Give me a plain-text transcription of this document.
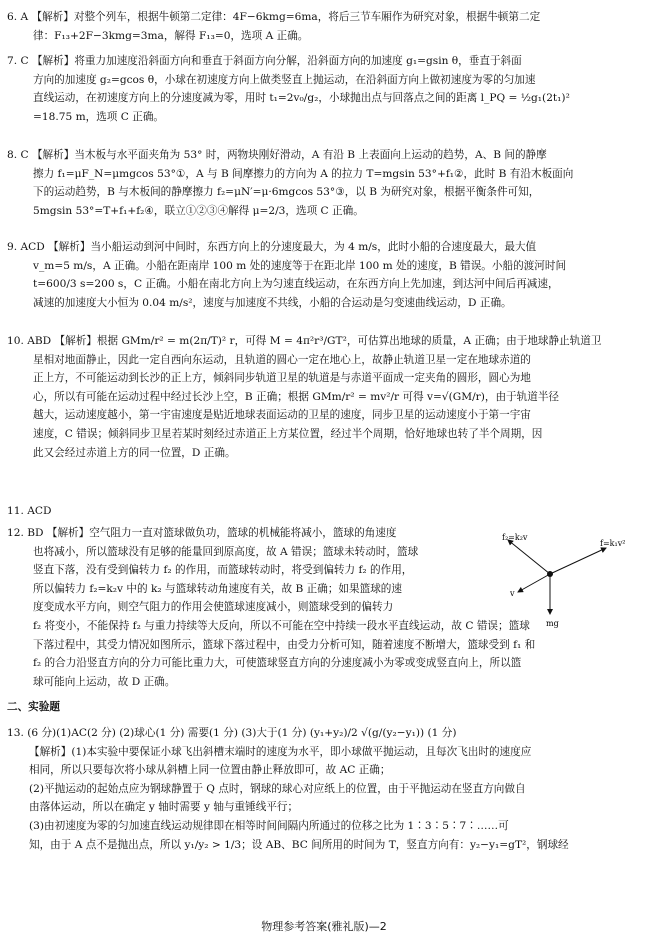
6. A 【解析】对整个列车，根据牛顿第二定律：4F−6kmg=6ma，将后三节车厢作为研究对象，根据牛顿第二定
律：F₁₃+2F−3kmg=3ma，解得 F₁₃=0，选项 A 正确。
7. C 【解析】将重力加速度沿斜面方向和垂直于斜面方向分解，沿斜面方向的加速度 g₁=gsin θ，垂直于斜面
方向的加速度 g₂=gcos θ，小球在初速度方向上做类竖直上抛运动，在沿斜面方向上做初速度为零的匀加速
直线运动，在初速度方向上的分速度减为零，用时 t₁=2v₀/g₂，小球抛出点与回落点之间的距离 l_PQ = ½g₁(2t₁)²
=18.75 m，选项 C 正确。
8. C 【解析】当木板与水平面夹角为 53° 时，两物块刚好滑动，A 有沿 B 上表面向上运动的趋势，A、B 间的静摩
擦力 f₁=μF_N=μmgcos 53°①，A 与 B 间摩擦力的方向为 A 的拉力 T=mgsin 53°+f₁②，此时 B 有沿木板面向
下的运动趋势，B 与木板间的静摩擦力 f₂=μN′=μ·6mgcos 53°③，以 B 为研究对象，根据平衡条件可知，
5mgsin 53°=T+f₁+f₂④，联立①②③④解得 μ=2/3，选项 C 正确。
9. ACD 【解析】当小船运动到河中间时，东西方向上的分速度最大，为 4 m/s，此时小船的合速度最大，最大值
v_m=5 m/s，A 正确。小船在距南岸 100 m 处的速度等于在距北岸 100 m 处的速度，B 错误。小船的渡河时间
t=600/3 s=200 s，C 正确。小船在南北方向上为匀速直线运动，在东西方向上先加速，到达河中间后再减速，
减速的加速度大小恒为 0.04 m/s²，速度与加速度不共线，小船的合运动是匀变速曲线运动，D 正确。
10. ABD 【解析】根据 GMm/r² = m(2π/T)² r，可得 M = 4π²r³/GT²，可估算出地球的质量，A 正确；由于地球静止轨道卫
星相对地面静止，因此一定自西向东运动，且轨道的圆心一定在地心上，故静止轨道卫星一定在地球赤道的
正上方，不可能运动到长沙的正上方，倾斜同步轨道卫星的轨道是与赤道平面成一定夹角的圆形，圆心为地
心，所以有可能在运动过程中经过长沙上空，B 正确；根据 GMm/r² = mv²/r 可得 v=√(GM/r)，由于轨道半径
越大，运动速度越小，第一宇宙速度是贴近地球表面运动的卫星的速度，同步卫星的运动速度小于第一宇宙
速度，C 错误；倾斜同步卫星若某时刻经过赤道正上方某位置，经过半个周期，恰好地球也转了半个周期，因
此又会经过赤道上方的同一位置，D 正确。
11. ACD
12. BD 【解析】空气阻力一直对篮球做负功，篮球的机械能将减小，篮球的角速度
也将减小，所以篮球没有足够的能量回到原高度，故 A 错误；篮球未转动时，篮球
竖直下落，没有受到偏转力 f₂ 的作用，而篮球转动时，将受到偏转力 f₂ 的作用，
所以偏转力 f₂=k₂v 中的 k₂ 与篮球转动角速度有关，故 B 正确；如果篮球的速
度变成水平方向，则空气阻力的作用会使篮球速度减小，则篮球受到的偏转力
f₂=k₂v
f=k₁v²
v
mg
f₂ 将变小，不能保持 f₂ 与重力持续等大反向，所以不可能在空中持续一段水平直线运动，故 C 错误；篮球
下落过程中，其受力情况如图所示，篮球下落过程中，由受力分析可知，随着速度不断增大，篮球受到 f₁ 和
f₂ 的合力沿竖直方向的分力可能比重力大，可使篮球竖直方向的分速度减小为零或变成竖直向上，所以篮
球可能向上运动，故 D 正确。
二、实验题
13. (6 分)(1)AC(2 分) (2)球心(1 分) 需要(1 分) (3)大于(1 分) (y₁+y₂)/2 √(g/(y₂−y₁)) (1 分)
【解析】(1)本实验中要保证小球飞出斜槽末端时的速度为水平，即小球做平抛运动，且每次飞出时的速度应
相同，所以只要每次将小球从斜槽上同一位置由静止释放即可，故 AC 正确；
(2)平抛运动的起始点应为钢球静置于 Q 点时，钢球的球心对应纸上的位置，由于平抛运动在竖直方向做自
由落体运动，所以在确定 y 轴时需要 y 轴与重锤线平行；
(3)由初速度为零的匀加速直线运动规律即在相等时间间隔内所通过的位移之比为 1∶3∶5∶7∶……可
知，由于 A 点不是抛出点，所以 y₁/y₂ > 1/3；设 AB、BC 间所用的时间为 T，竖直方向有：y₂−y₁=gT²，钢球经
物理参考答案(雅礼版)—2
